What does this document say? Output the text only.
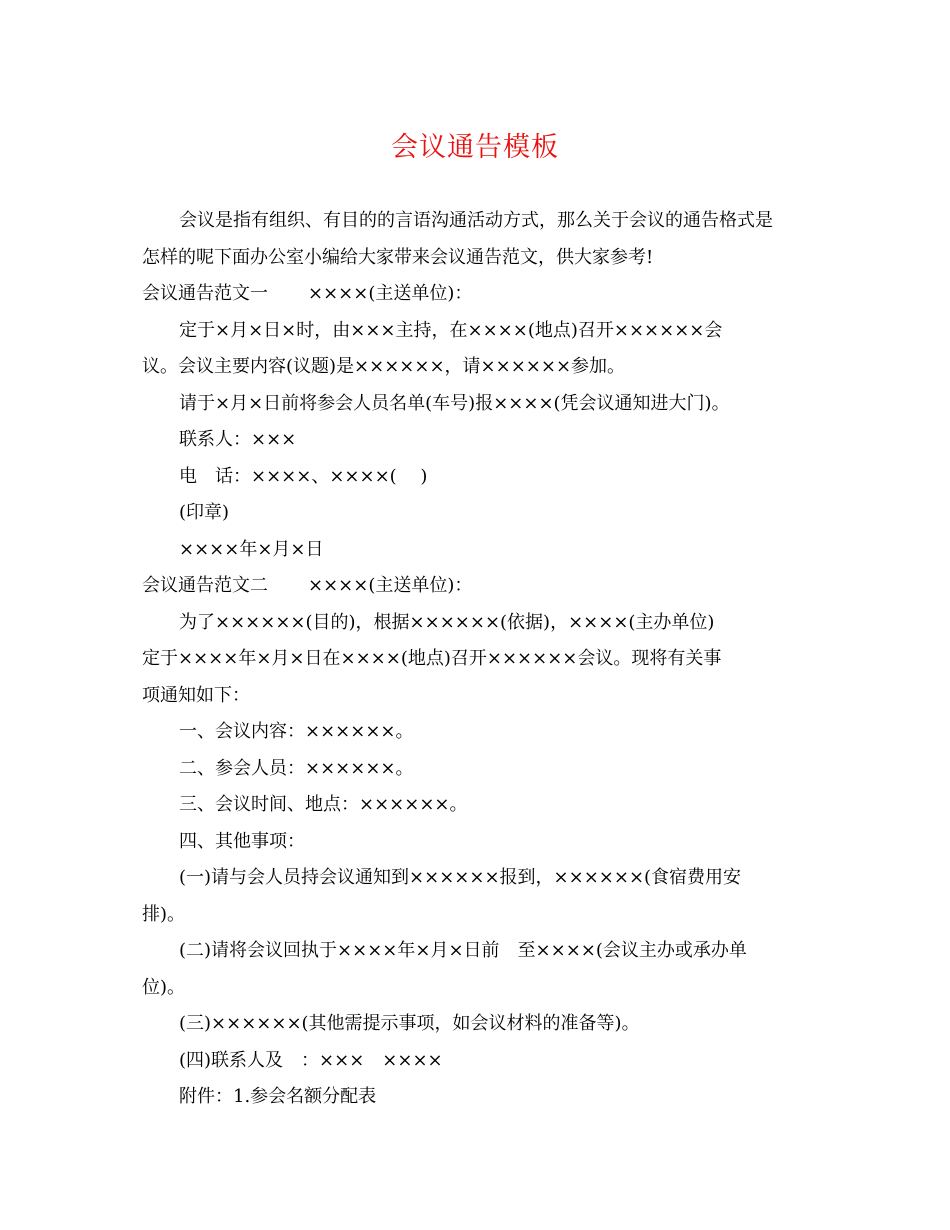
会议通告模板

会议是指有组织、有目的的言语沟通活动方式，那么关于会议的通告格式是

怎样的呢下面办公室小编给大家带来会议通告范文，供大家参考!

会议通告范文一 ××××(主送单位)：

定于×月×日×时，由×××主持，在××××(地点)召开××××××会

议。会议主要内容(议题)是××××××，请××××××参加。

请于×月×日前将参会人员名单(车号)报××××(凭会议通知进大门)。

联系人：×××

电　话：××××、××××(　 )

(印章)

××××年×月×日

会议通告范文二 ××××(主送单位)：

为了××××××(目的)，根据××××××(依据)，××××(主办单位)

定于××××年×月×日在××××(地点)召开××××××会议。现将有关事

项通知如下：

一、会议内容：××××××。

二、参会人员：××××××。

三、会议时间、地点：××××××。

四、其他事项：

(一)请与会人员持会议通知到××××××报到，××××××(食宿费用安

排)。

(二)请将会议回执于××××年×月×日前　至××××(会议主办或承办单

位)。

(三)××××××(其他需提示事项，如会议材料的准备等)。

(四)联系人及　：×××　××××

附件：1.参会名额分配表
